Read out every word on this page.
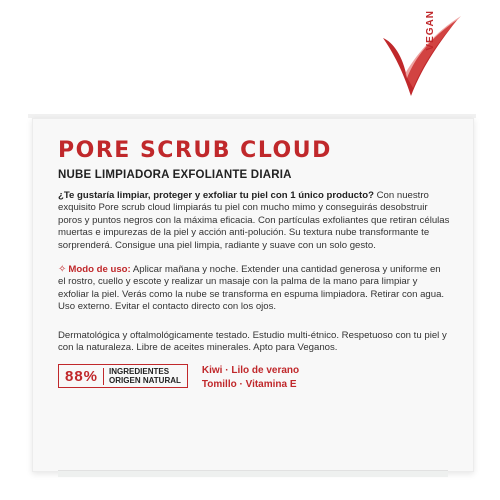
VEGAN
PORE SCRUB CLOUD
NUBE LIMPIADORA EXFOLIANTE DIARIA

¿Te gustaría limpiar, proteger y exfoliar tu piel con 1 único producto? Con nuestro exquisito Pore scrub cloud limpiarás tu piel con mucho mimo y conseguirás desobstruir poros y puntos negros con la máxima eficacia. Con partículas exfoliantes que retiran células muertas e impurezas de la piel y acción anti-polución. Su textura nube transformante te sorprenderá. Consigue una piel limpia, radiante y suave con un solo gesto.

✧ Modo de uso: Aplicar mañana y noche. Extender una cantidad generosa y uniforme en el rostro, cuello y escote y realizar un masaje con la palma de la mano para limpiar y exfoliar la piel. Verás como la nube se transforma en espuma limpiadora. Retirar con agua. Uso externo. Evitar el contacto directo con los ojos.

Dermatológica y oftalmológicamente testado. Estudio multi-étnico. Respetuoso con tu piel y con la naturaleza. Libre de aceites minerales. Apto para Veganos.

88%	INGREDIENTES
ORIGEN NATURAL
Kiwi · Lilo de verano
Tomillo · Vitamina E
